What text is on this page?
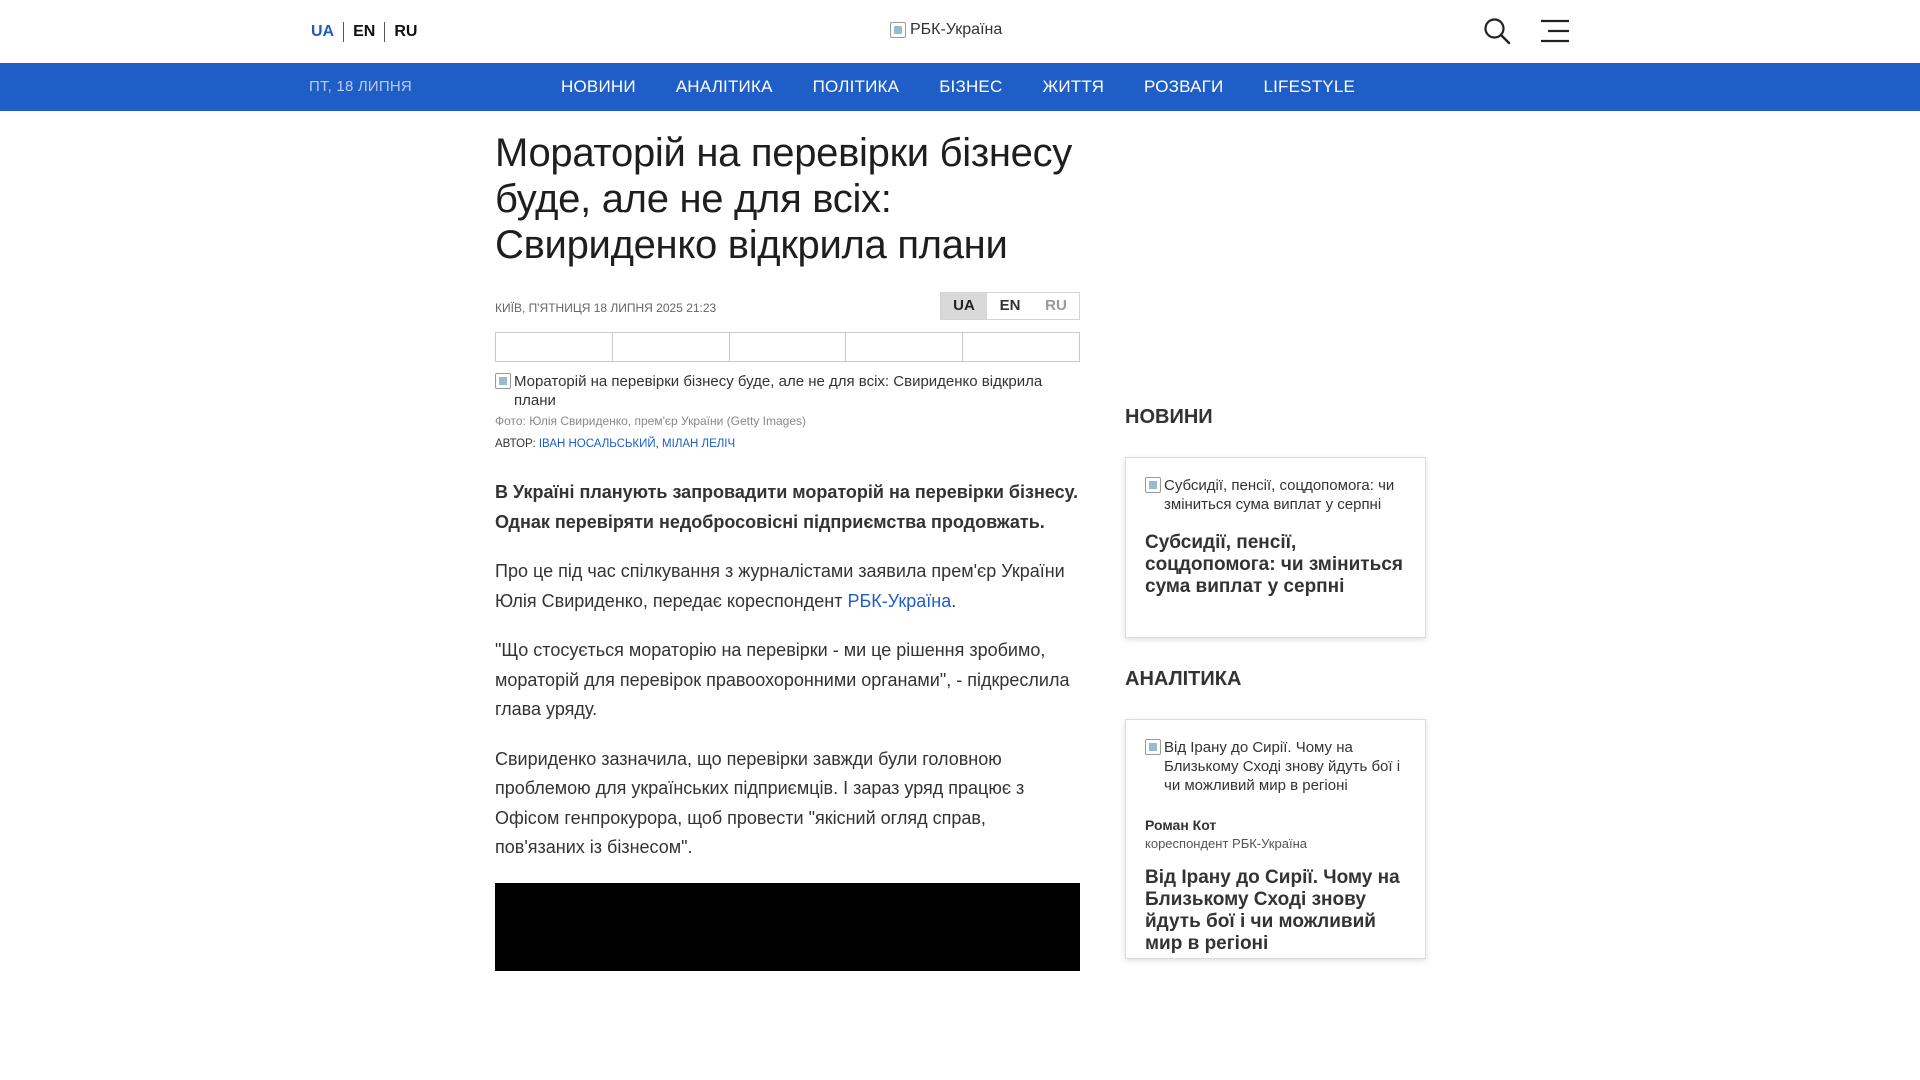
UA	EN	RU	РБК-Україна
ПТ, 18 ЛИПНЯ	НОВИНИ	АНАЛІТИКА	ПОЛІТИКА	БІЗНЕС	ЖИТТЯ	РОЗВАГИ	LIFESTYLE
Мораторій на перевірки бізнесу буде, але не для всіх: Свириденко відкрила плани
КИЇВ, П'ЯТНИЦЯ 18 ЛИПНЯ 2025 21:23	UA	EN	RU
Мораторій на перевірки бізнесу буде, але не для всіх: Свириденко відкрила плани
Фото: Юлія Свириденко, прем'єр України (Getty Images)
АВТОР: ІВАН НОСАЛЬСЬКИЙ, МІЛАН ЛЕЛІЧ

В Україні планують запровадити мораторій на перевірки бізнесу. Однак перевіряти недобросовісні підприємства продовжать.

Про це під час спілкування з журналістами заявила прем'єр України Юлія Свириденко, передає кореспондент РБК-Україна.

"Що стосується мораторію на перевірки - ми це рішення зробимо, мораторій для перевірок правоохоронними органами", - підкреслила глава уряду.

Свириденко зазначила, що перевірки завжди були головною проблемою для українських підприємців. І зараз уряд працює з Офісом генпрокурора, щоб провести "якісний огляд справ, пов'язаних із бізнесом".

НОВИНИ
Субсидії, пенсії, соцдопомога: чи зміниться сума виплат у серпні
Субсидії, пенсії, соцдопомога: чи зміниться сума виплат у серпні
АНАЛІТИКА
Від Ірану до Сирії. Чому на Близькому Сході знову йдуть бої і чи можливий мир в регіоні
Роман Кот
кореспондент РБК-Україна
Від Ірану до Сирії. Чому на Близькому Сході знову йдуть бої і чи можливий мир в регіоні
